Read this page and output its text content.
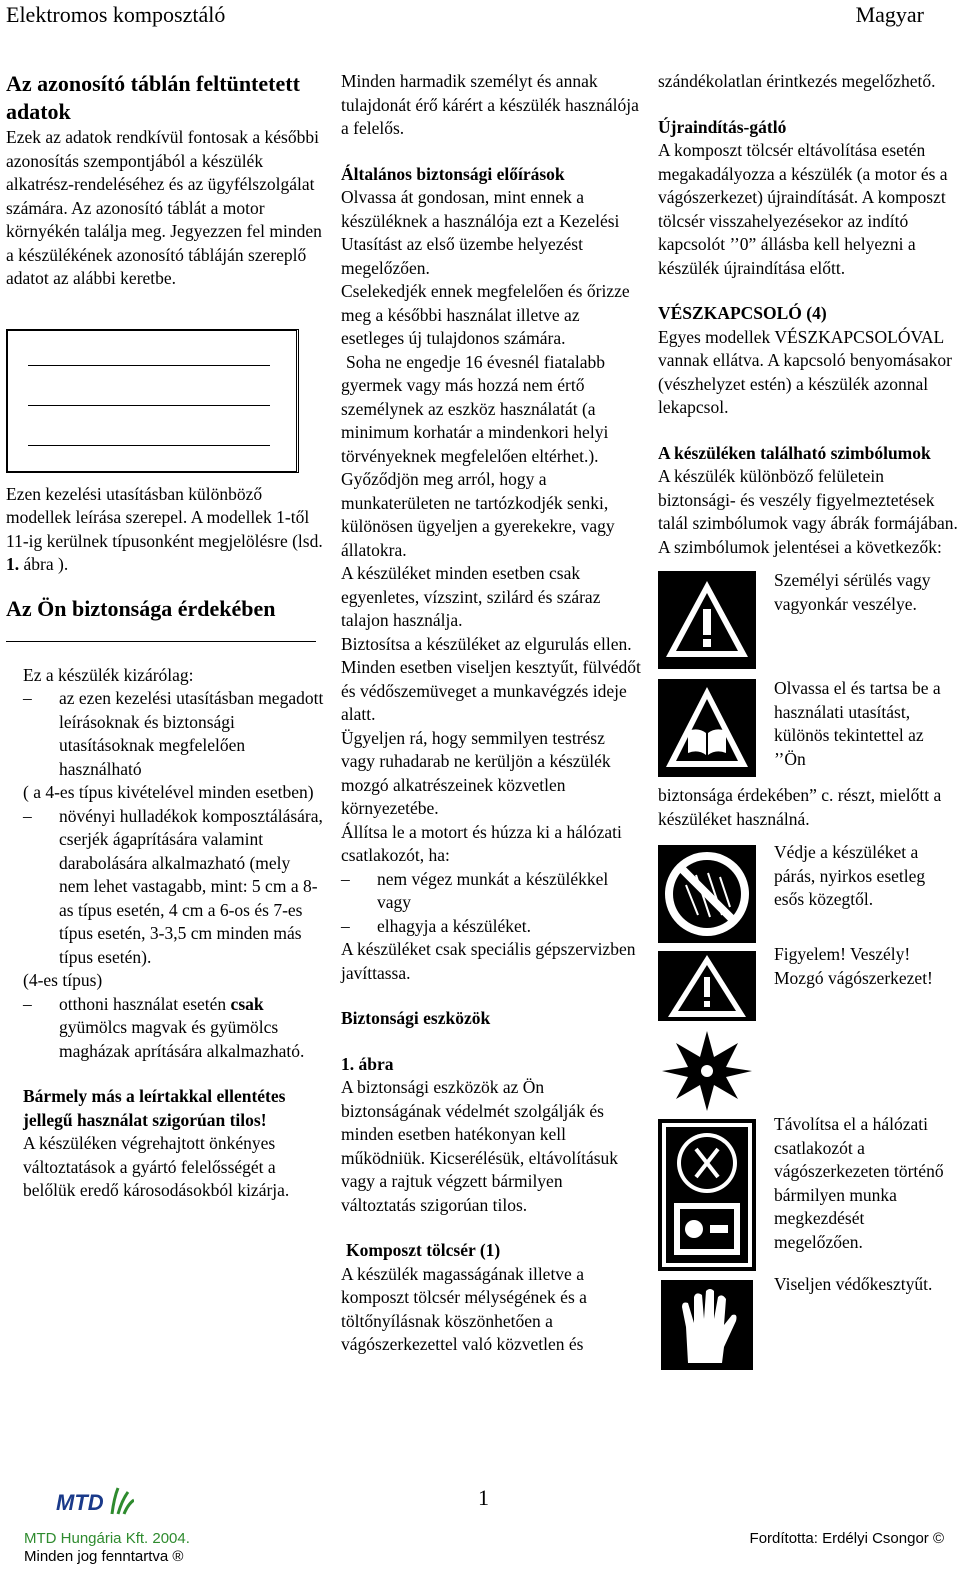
Elektromos komposztáló	Magyar

Az azonosító táblán feltüntetett adatok

Ezek az adatok rendkívül fontosak a későbbi azonosítás szempontjából a készülék alkatrész-rendeléséhez és az ügyfélszolgálat számára. Az azonosító táblát a motor környékén találja meg. Jegyezzen fel minden a készülékének azonosító tábláján szereplő adatot az alábbi keretbe.

Ezen kezelési utasításban különböző modellek leírása szerepel. A modellek 1-től 11-ig kerülnek típusonként megjelölésre (lsd. 1. ábra ).

Az Ön biztonsága érdekében

Ez a készülék kizárólag:

– az ezen kezelési utasításban megadott leírásoknak és biztonsági utasításoknak megfelelően használható

( a 4-es típus kivételével minden esetben)

– növényi hulladékok komposztálására, cserjék ágaprítására valamint darabolására alkalmazható (mely nem lehet vastagabb, mint: 5 cm a 8-as típus esetén, 4 cm a 6-os és 7-es típus esetén, 3-3,5 cm minden más típus esetén).

(4-es típus)

– otthoni használat esetén csak gyümölcs magvak és gyümölcs magházak aprítására alkalmazható.

Bármely más a leírtakkal ellentétes jellegű használat szigorúan tilos!

A készüléken végrehajtott önkényes változtatások a gyártó felelősségét a belőlük eredő károsodásokból kizárja.

Minden harmadik személyt és annak tulajdonát érő kárért a készülék használója a felelős.

Általános biztonsági előírások

Olvassa át gondosan, mint ennek a készüléknek a használója ezt a Kezelési Utasítást az első üzembe helyezést megelőzően.

Cselekedjék ennek megfelelően és őrizze meg a későbbi használat illetve az esetleges új tulajdonos számára.

Soha ne engedje 16 évesnél fiatalabb gyermek vagy más hozzá nem értő személynek az eszköz használatát (a minimum korhatár a mindenkori helyi törvényeknek megfelelően eltérhet.).

Győződjön meg arról, hogy a munkaterületen ne tartózkodjék senki, különösen ügyeljen a gyerekekre, vagy állatokra.

A készüléket minden esetben csak egyenletes, vízszint, szilárd és száraz talajon használja.

Biztosítsa a készüléket az elgurulás ellen.

Minden esetben viseljen kesztyűt, fülvédőt és védőszemüveget a munkavégzés ideje alatt.

Ügyeljen rá, hogy semmilyen testrész vagy ruhadarab ne kerüljön a készülék mozgó alkatrészeinek közvetlen környezetébe.

Állítsa le a motort és húzza ki a hálózati csatlakozót, ha:

– nem végez munkát a készülékkel vagy
– elhagyja a készüléket.

A készüléket csak speciális gépszervizben javíttassa.

Biztonsági eszközök

1. ábra

A biztonsági eszközök az Ön biztonságának védelmét szolgálják és minden esetben hatékonyan kell működniük. Kicserélésük, eltávolításuk vagy a rajtuk végzett bármilyen változtatás szigorúan tilos.

Komposzt tölcsér (1)

A készülék magasságának illetve a komposzt tölcsér mélységének és a töltőnyílásnak köszönhetően a vágószerkezettel való közvetlen és

szándékolatlan érintkezés megelőzhető.

Újraindítás-gátló

A komposzt tölcsér eltávolítása esetén megakadályozza a készülék (a motor és a vágószerkezet) újraindítását. A komposzt tölcsér visszahelyezésekor az indító kapcsolót ’’0” állásba kell helyezni a készülék újraindítása előtt.

VÉSZKAPCSOLÓ (4)

Egyes modellek VÉSZKAPCSOLÓVAL vannak ellátva. A kapcsoló benyomásakor (vészhelyzet estén) a készülék azonnal lekapcsol.

A készüléken található szimbólumok

A készülék különböző felületein biztonsági- és veszély figyelmeztetések talál szimbólumok vagy ábrák formájában. A szimbólumok jelentései a következők:

Személyi sérülés vagy vagyonkár veszélye.

Olvassa el és tartsa be a használati utasítást, különös tekintettel az ’’Ön

biztonsága érdekében” c. részt, mielőtt a készüléket használná.

Védje a készüléket a párás, nyirkos esetleg esős közegtől.

Figyelem! Veszély! Mozgó vágószerkezet!

Távolítsa el a hálózati csatlakozót a vágószerkezeten történő bármilyen munka megkezdését megelőzően.

Viseljen védőkesztyűt.

MTD	1
MTD Hungária Kft. 2004.
Minden jog fenntartva ®
Fordította: Erdélyi Csongor ©
